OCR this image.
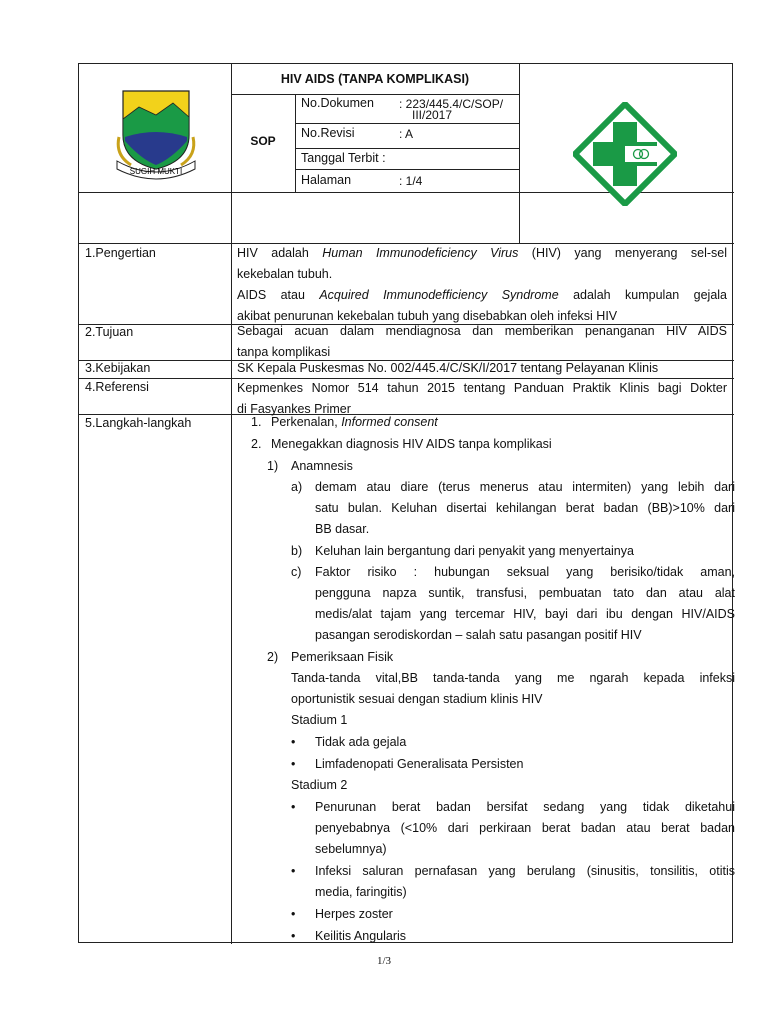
SUGIH MUKTI
HIV AIDS (TANPA KOMPLIKASI)
SOP
No.Dokumen : 223/445.4/C/SOP/
III/2017
No.Revisi	: A
Tanggal Terbit :
Halaman	: 1/4
1.Pengertian
2.Tujuan
3.Kebijakan
4.Referensi
5.Langkah-langkah
HIV adalah Human Immunodeficiency Virus (HIV) yang menyerang sel-sel
kekebalan tubuh.
AIDS atau Acquired Immunodefficiency Syndrome adalah kumpulan gejala
akibat penurunan kekebalan tubuh yang disebabkan oleh infeksi HIV
Sebagai acuan dalam mendiagnosa dan memberikan penanganan HIV AIDS
tanpa komplikasi
SK Kepala Puskesmas No. 002/445.4/C/SK/I/2017 tentang Pelayanan Klinis
Kepmenkes Nomor 514 tahun 2015 tentang Panduan Praktik Klinis bagi Dokter
di Fasyankes Primer
1. Perkenalan, Informed consent
2. Menegakkan diagnosis HIV AIDS tanpa komplikasi
1) Anamnesis
a) demam atau diare (terus menerus atau intermiten) yang lebih dari
satu bulan. Keluhan disertai kehilangan berat badan (BB)>10% dari
BB dasar.
b) Keluhan lain bergantung dari penyakit yang menyertainya
c) Faktor risiko : hubungan seksual yang berisiko/tidak aman,
pengguna napza suntik, transfusi, pembuatan tato dan atau alat
medis/alat tajam yang tercemar HIV, bayi dari ibu dengan HIV/AIDS
pasangan serodiskordan – salah satu pasangan positif HIV
2) Pemeriksaan Fisik
Tanda-tanda vital,BB tanda-tanda yang me ngarah kepada infeksi
oportunistik sesuai dengan stadium klinis HIV
Stadium 1
• Tidak ada gejala
• Limfadenopati Generalisata Persisten
Stadium 2
• Penurunan berat badan bersifat sedang yang tidak diketahui
penyebabnya (<10% dari perkiraan berat badan atau berat badan
sebelumnya)
• Infeksi saluran pernafasan yang berulang (sinusitis, tonsilitis, otitis
media, faringitis)
• Herpes zoster
• Keilitis Angularis
1/3
